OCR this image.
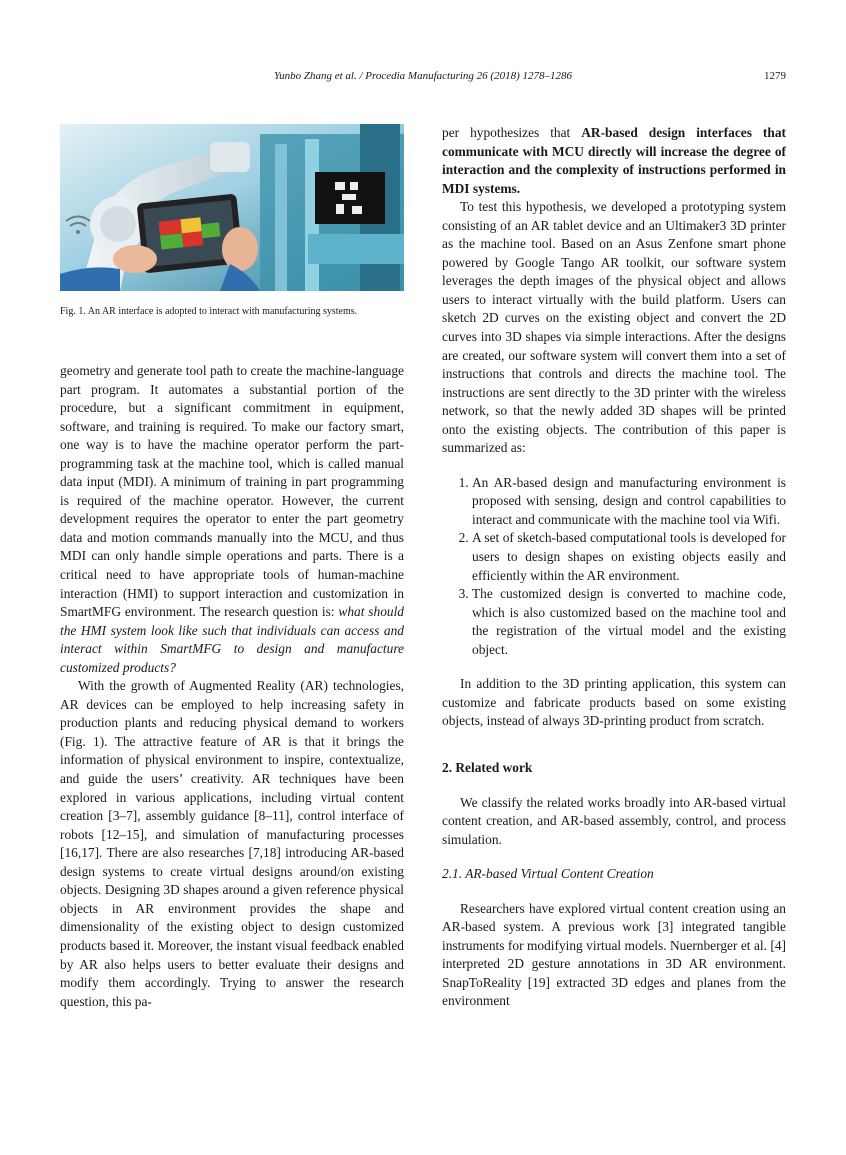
Yunbo Zhang et al. / Procedia Manufacturing 26 (2018) 1278–1286	1279
Fig. 1. An AR interface is adopted to interact with manufacturing systems.

geometry and generate tool path to create the machine-language part program. It automates a substantial portion of the procedure, but a significant commitment in equipment, software, and training is required. To make our factory smart, one way is to have the machine operator perform the part-programming task at the machine tool, which is called manual data input (MDI). A minimum of training in part programming is required of the machine operator. However, the current development requires the operator to enter the part geometry data and motion commands manually into the MCU, and thus MDI can only handle simple operations and parts. There is a critical need to have appropriate tools of human-machine interaction (HMI) to support interaction and customization in SmartMFG environment. The research question is: what should the HMI system look like such that individuals can access and interact within SmartMFG to design and manufacture customized products?

With the growth of Augmented Reality (AR) technologies, AR devices can be employed to help increasing safety in production plants and reducing physical demand to workers (Fig. 1). The attractive feature of AR is that it brings the information of physical environment to inspire, contextualize, and guide the users’ creativity. AR techniques have been explored in various applications, including virtual content creation [3–7], assembly guidance [8–11], control interface of robots [12–15], and simulation of manufacturing processes [16,17]. There are also researches [7,18] introducing AR-based design systems to create virtual designs around/on existing objects. Designing 3D shapes around a given reference physical objects in AR environment provides the shape and dimensionality of the existing object to design customized products based it. Moreover, the instant visual feedback enabled by AR also helps users to better evaluate their designs and modify them accordingly. Trying to answer the research question, this pa-

per hypothesizes that AR-based design interfaces that communicate with MCU directly will increase the degree of interaction and the complexity of instructions performed in MDI systems.

To test this hypothesis, we developed a prototyping system consisting of an AR tablet device and an Ultimaker3 3D printer as the machine tool. Based on an Asus Zenfone smart phone powered by Google Tango AR toolkit, our software system leverages the depth images of the physical object and allows users to interact virtually with the build platform. Users can sketch 2D curves on the existing object and convert the 2D curves into 3D shapes via simple interactions. After the designs are created, our software system will convert them into a set of instructions that controls and directs the machine tool. The instructions are sent directly to the 3D printer with the wireless network, so that the newly added 3D shapes will be printed onto the existing objects. The contribution of this paper is summarized as:

1. An AR-based design and manufacturing environment is proposed with sensing, design and control capabilities to interact and communicate with the machine tool via Wifi.
2. A set of sketch-based computational tools is developed for users to design shapes on existing objects easily and efficiently within the AR environment.
3. The customized design is converted to machine code, which is also customized based on the machine tool and the registration of the virtual model and the existing object.

In addition to the 3D printing application, this system can customize and fabricate products based on some existing objects, instead of always 3D-printing product from scratch.

2. Related work

We classify the related works broadly into AR-based virtual content creation, and AR-based assembly, control, and process simulation.

2.1. AR-based Virtual Content Creation

Researchers have explored virtual content creation using an AR-based system. A previous work [3] integrated tangible instruments for modifying virtual models. Nuernberger et al. [4] interpreted 2D gesture annotations in 3D AR environment. SnapToReality [19] extracted 3D edges and planes from the environment
